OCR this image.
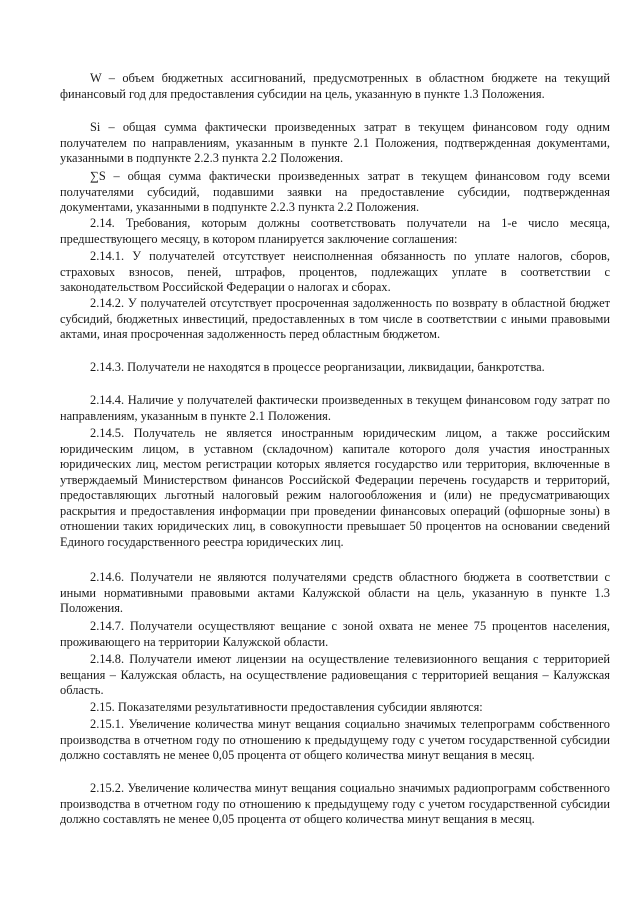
W – объем бюджетных ассигнований, предусмотренных в областном бюджете на текущий финансовый год для предоставления субсидии на цель, указанную в пункте 1.3 Положения.

Si – общая сумма фактически произведенных затрат в текущем финансовом году одним получателем по направлениям, указанным в пункте 2.1 Положения, подтвержденная документами, указанными в подпункте 2.2.3 пункта 2.2 Положения.

∑S – общая сумма фактически произведенных затрат в текущем финансовом году всеми получателями субсидий, подавшими заявки на предоставление субсидии, подтвержденная документами, указанными в подпункте 2.2.3 пункта 2.2 Положения.

2.14. Требования, которым должны соответствовать получатели на 1-е число месяца, предшествующего месяцу, в котором планируется заключение соглашения:

2.14.1. У получателей отсутствует неисполненная обязанность по уплате налогов, сборов, страховых взносов, пеней, штрафов, процентов, подлежащих уплате в соответствии с законодательством Российской Федерации о налогах и сборах.

2.14.2. У получателей отсутствует просроченная задолженность по возврату в областной бюджет субсидий, бюджетных инвестиций, предоставленных в том числе в соответствии с иными правовыми актами, иная просроченная задолженность перед областным бюджетом.

2.14.3. Получатели не находятся в процессе реорганизации, ликвидации, банкротства.

2.14.4. Наличие у получателей фактически произведенных в текущем финансовом году затрат по направлениям, указанным в пункте 2.1 Положения.

2.14.5. Получатель не является иностранным юридическим лицом, а также российским юридическим лицом, в уставном (складочном) капитале которого доля участия иностранных юридических лиц, местом регистрации которых является государство или территория, включенные в утверждаемый Министерством финансов Российской Федерации перечень государств и территорий, предоставляющих льготный налоговый режим налогообложения и (или) не предусматривающих раскрытия и предоставления информации при проведении финансовых операций (офшорные зоны) в отношении таких юридических лиц, в совокупности превышает 50 процентов на основании сведений Единого государственного реестра юридических лиц.

2.14.6. Получатели не являются получателями средств областного бюджета в соответствии с иными нормативными правовыми актами Калужской области на цель, указанную в пункте 1.3 Положения.

2.14.7. Получатели осуществляют вещание с зоной охвата не менее 75 процентов населения, проживающего на территории Калужской области.

2.14.8. Получатели имеют лицензии на осуществление телевизионного вещания с территорией вещания – Калужская область, на осуществление радиовещания с территорией вещания – Калужская область.

2.15. Показателями результативности предоставления субсидии являются:

2.15.1. Увеличение количества минут вещания социально значимых телепрограмм собственного производства в отчетном году по отношению к предыдущему году с учетом государственной субсидии должно составлять не менее 0,05 процента от общего количества минут вещания в месяц.

2.15.2. Увеличение количества минут вещания социально значимых радиопрограмм собственного производства в отчетном году по отношению к предыдущему году с учетом государственной субсидии должно составлять не менее 0,05 процента от общего количества минут вещания в месяц.
